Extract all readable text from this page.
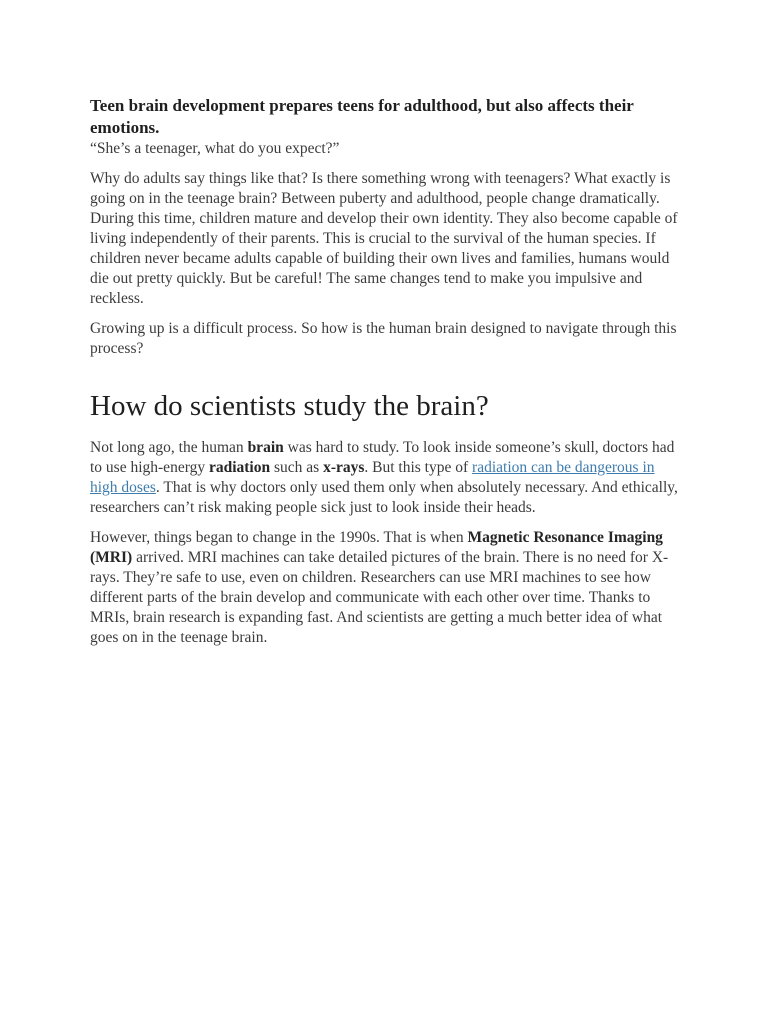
Teen brain development prepares teens for adulthood, but also affects their emotions.

“She’s a teenager, what do you expect?”

Why do adults say things like that? Is there something wrong with teenagers? What exactly is going on in the teenage brain? Between puberty and adulthood, people change dramatically. During this time, children mature and develop their own identity. They also become capable of living independently of their parents. This is crucial to the survival of the human species. If children never became adults capable of building their own lives and families, humans would die out pretty quickly. But be careful! The same changes tend to make you impulsive and reckless.

Growing up is a difficult process. So how is the human brain designed to navigate through this process?

How do scientists study the brain?

Not long ago, the human brain was hard to study. To look inside someone’s skull, doctors had to use high-energy radiation such as x-rays. But this type of radiation can be dangerous in high doses. That is why doctors only used them only when absolutely necessary. And ethically, researchers can’t risk making people sick just to look inside their heads.

However, things began to change in the 1990s. That is when Magnetic Resonance Imaging (MRI) arrived. MRI machines can take detailed pictures of the brain. There is no need for X-rays. They’re safe to use, even on children. Researchers can use MRI machines to see how different parts of the brain develop and communicate with each other over time. Thanks to MRIs, brain research is expanding fast. And scientists are getting a much better idea of what goes on in the teenage brain.
